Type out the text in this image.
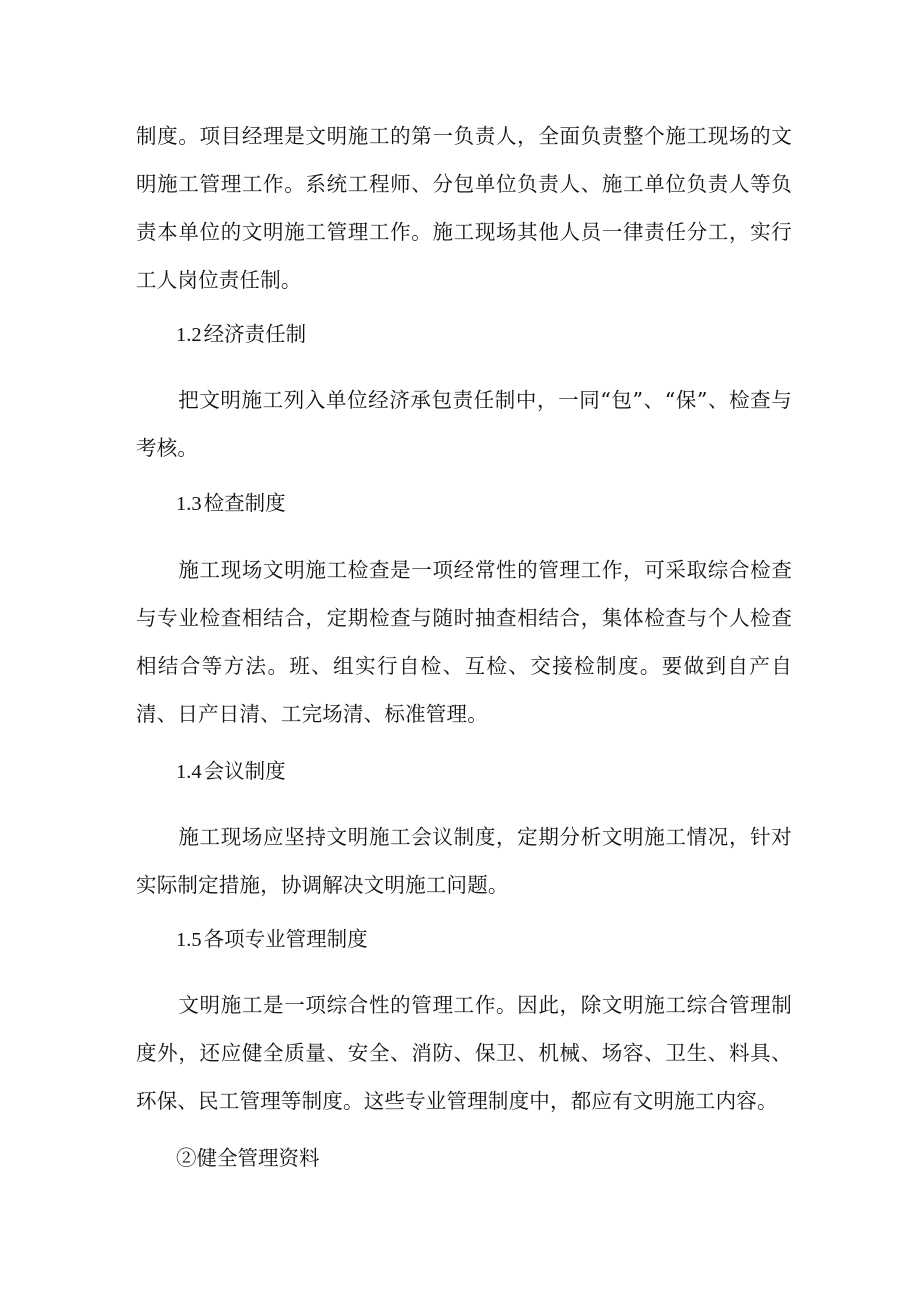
制度。项目经理是文明施工的第一负责人，全面负责整个施工现场的文明施工管理工作。系统工程师、分包单位负责人、施工单位负责人等负责本单位的文明施工管理工作。施工现场其他人员一律责任分工，实行工人岗位责任制。

1.2经济责任制

　　把文明施工列入单位经济承包责任制中，一同“包”、“保”、检查与考核。

1.3检查制度

　　施工现场文明施工检查是一项经常性的管理工作，可采取综合检查与专业检查相结合，定期检查与随时抽查相结合，集体检查与个人检查相结合等方法。班、组实行自检、互检、交接检制度。要做到自产自清、日产日清、工完场清、标准管理。

1.4会议制度

　　施工现场应坚持文明施工会议制度，定期分析文明施工情况，针对实际制定措施，协调解决文明施工问题。

1.5各项专业管理制度

　　文明施工是一项综合性的管理工作。因此，除文明施工综合管理制度外，还应健全质量、安全、消防、保卫、机械、场容、卫生、料具、环保、民工管理等制度。这些专业管理制度中，都应有文明施工内容。

②健全管理资料
